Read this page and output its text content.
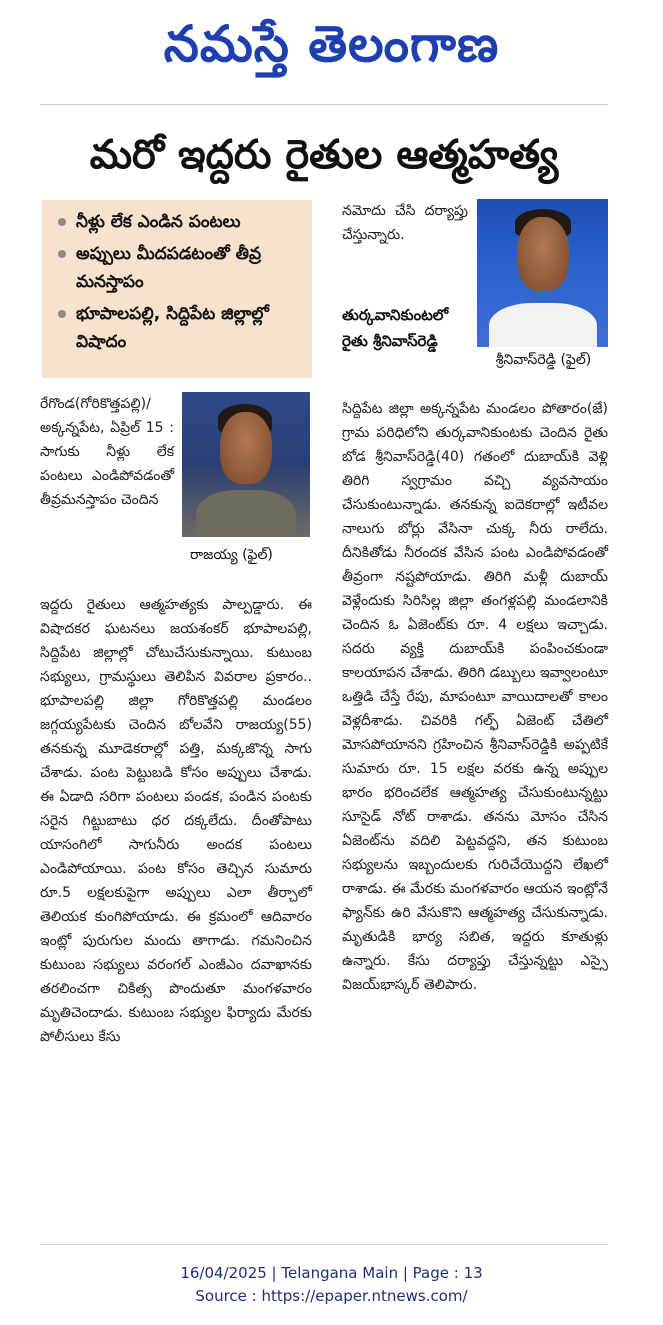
నమస్తే తెలంగాణ
మరో ఇద్దరు రైతుల ఆత్మహత్య
నీళ్లు లేక ఎండిన పంటలు
అప్పులు మీదపడటంతో తీవ్ర మనస్తాపం
భూపాలపల్లి, సిద్దిపేట జిల్లాల్లో విషాదం
రేగొండ(గోరికొత్తపల్లి)/అక్కన్నపేట, ఏప్రిల్ 15 : సాగుకు నీళ్లు లేక పంటలు ఎండిపోవడంతో తీవ్రమనస్తాపం చెందిన
రాజయ్య (ఫైల్)
ఇద్దరు రైతులు ఆత్మహత్యకు పాల్పడ్డారు. ఈ విషాదకర ఘటనలు జయశంకర్ భూపాలపల్లి, సిద్దిపేట జిల్లాల్లో చోటుచేసుకున్నాయి. కుటుంబ సభ్యులు, గ్రామస్థులు తెలిపిన వివరాల ప్రకారం.. భూపాలపల్లి జిల్లా గోరికొత్తపల్లి మండలం జగ్గయ్యపేటకు చెందిన బోలవేని రాజయ్య(55) తనకున్న మూడెకరాల్లో పత్తి, మక్కజొన్న సాగు చేశాడు. పంట పెట్టుబడి కోసం అప్పులు చేశాడు. ఈ ఏడాది సరిగా పంటలు పండక, పండిన పంటకు సరైన గిట్టుబాటు ధర దక్కలేదు. దీంతోపాటు యాసంగిలో సాగునీరు అందక పంటలు ఎండిపోయాయి. పంట కోసం తెచ్చిన సుమారు రూ.5 లక్షలకుపైగా అప్పులు ఎలా తీర్చాలో తెలియక కుంగిపోయాడు. ఈ క్రమంలో ఆదివారం ఇంట్లో పురుగుల మందు తాగాడు. గమనించిన కుటుంబ సభ్యులు వరంగల్ ఎంజీఎం దవాఖానకు తరలించగా చికిత్స పొందుతూ మంగళవారం మృతిచెందాడు. కుటుంబ సభ్యుల ఫిర్యాదు మేరకు పోలీసులు కేసు
నమోదు చేసి దర్యాప్తు చేస్తున్నారు.
తుర్కవానికుంటలో రైతు శ్రీనివాస్‌రెడ్డి
శ్రీనివాస్‌రెడ్డి (ఫైల్)
సిద్దిపేట జిల్లా అక్కన్నపేట మండలం పోతారం(జే) గ్రామ పరిధిలోని తుర్కవానికుంటకు చెందిన రైతు బోడ శ్రీనివాస్‌రెడ్డి(40) గతంలో దుబాయ్‌కి వెళ్లి తిరిగి స్వగ్రామం వచ్చి వ్యవసాయం చేసుకుంటున్నాడు. తనకున్న ఐదెకరాల్లో ఇటీవల నాలుగు బోర్లు వేసినా చుక్క నీరు రాలేదు. దీనికితోడు నీరందక వేసిన పంట ఎండిపోవడంతో తీవ్రంగా నష్టపోయాడు. తిరిగి మళ్లీ దుబాయ్ వెళ్లేందుకు సిరిసిల్ల జిల్లా తంగళ్లపల్లి మండలానికి చెందిన ఓ ఏజెంట్‌కు రూ. 4 లక్షలు ఇచ్చాడు. సదరు వ్యక్తి దుబాయ్‌కి పంపించకుండా కాలయాపన చేశాడు. తిరిగి డబ్బులు ఇవ్వాలంటూ ఒత్తిడి చేస్తే రేపు, మాపంటూ వాయిదాలతో కాలం వెళ్లదీశాడు. చివరికి గల్ఫ్ ఏజెంట్ చేతిలో మోసపోయానని గ్రహించిన శ్రీనివాస్‌రెడ్డికి అప్పటికే సుమారు రూ. 15 లక్షల వరకు ఉన్న అప్పుల భారం భరించలేక ఆత్మహత్య చేసుకుంటున్నట్టు సూసైడ్ నోట్ రాశాడు. తనను మోసం చేసిన ఏజెంట్‌ను వదిలి పెట్టవద్దని, తన కుటుంబ సభ్యులను ఇబ్బందులకు గురిచేయొద్దని లేఖలో రాశాడు. ఈ మేరకు మంగళవారం ఆయన ఇంట్లోనే ఫ్యాన్‌కు ఉరి వేసుకొని ఆత్మహత్య చేసుకున్నాడు. మృతుడికి భార్య సబిత, ఇద్దరు కూతుళ్లు ఉన్నారు. కేసు దర్యాప్తు చేస్తున్నట్టు ఎస్సై విజయ్‌భాస్కర్ తెలిపారు.
16/04/2025 | Telangana Main | Page : 13
Source : https://epaper.ntnews.com/
